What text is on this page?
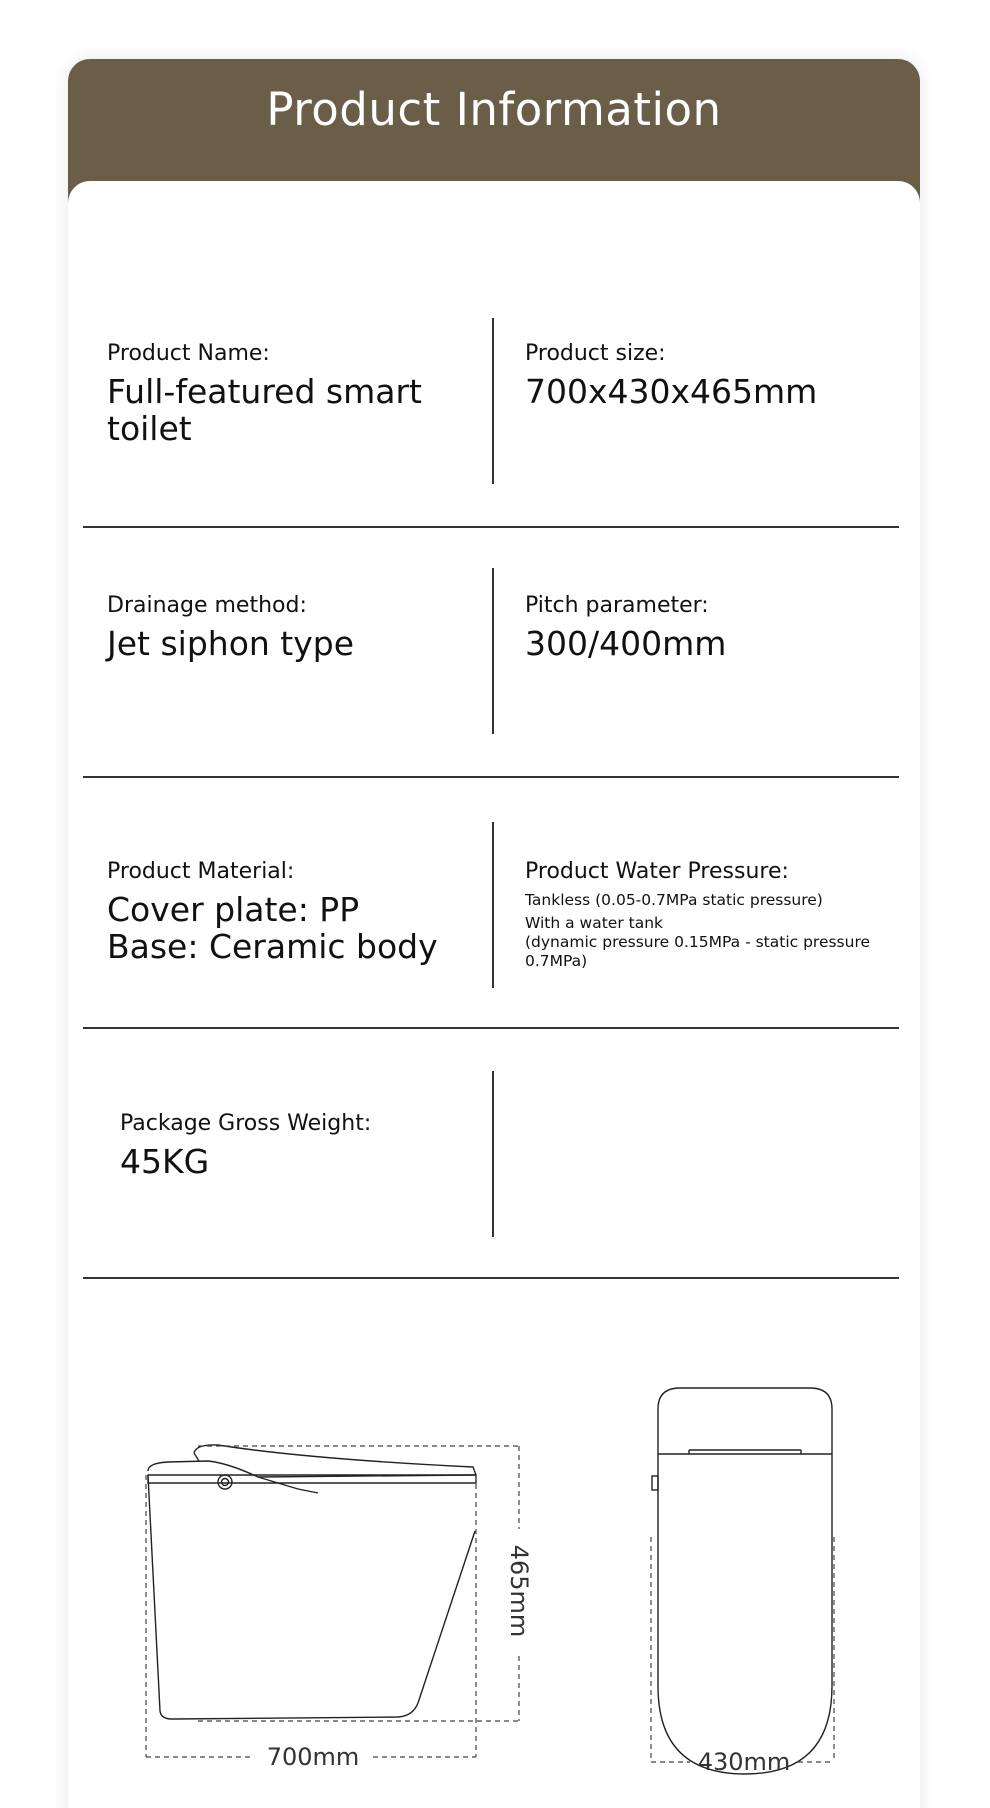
Product Information
Product Name:
Full-featured smart toilet
Product size:
700x430x465mm
Drainage method:
Jet siphon type
Pitch parameter:
300/400mm
Product Material:
Cover plate: PP
Base: Ceramic body
Product Water Pressure:
Tankless (0.05-0.7MPa static pressure)
With a water tank
(dynamic pressure 0.15MPa - static pressure 0.7MPa)
Package Gross Weight:
45KG
700mm
465mm
430mm
